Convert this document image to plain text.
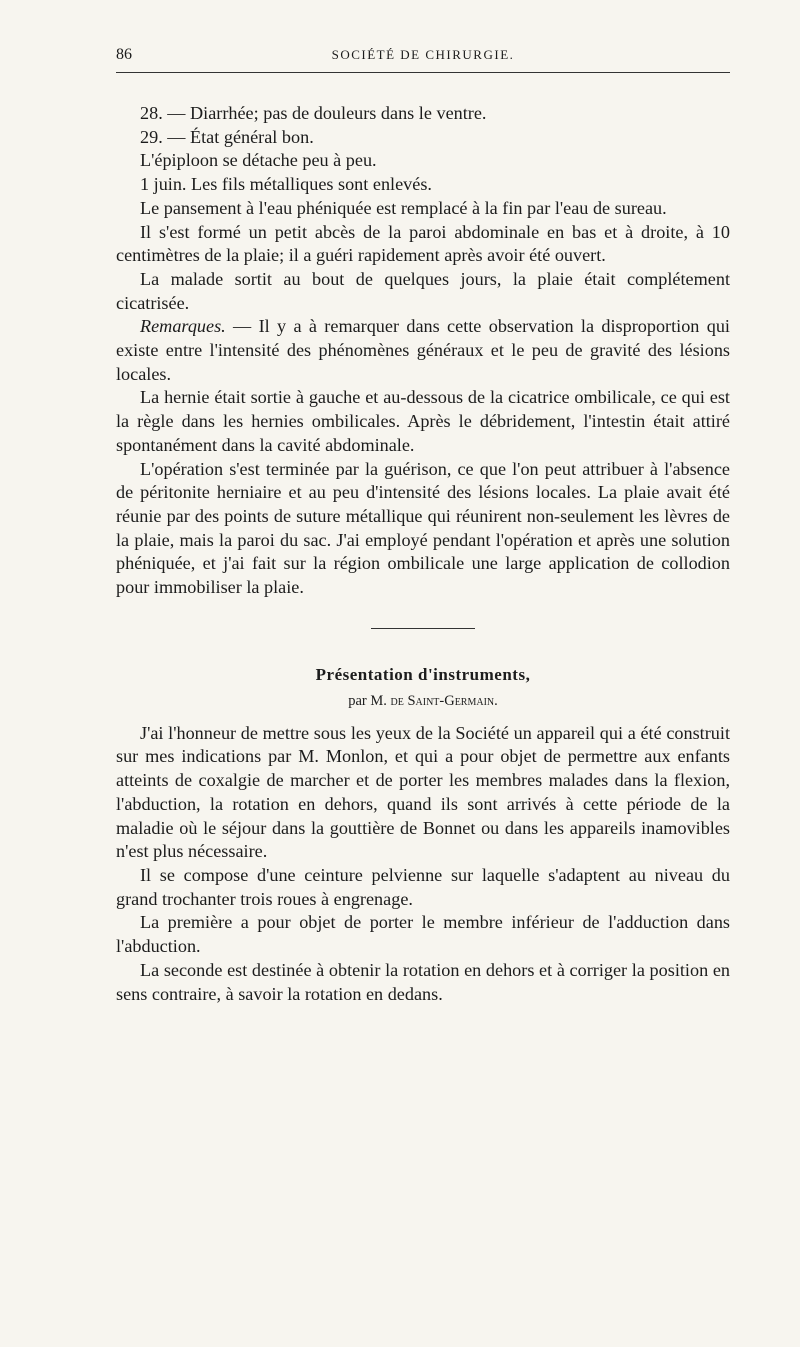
86	SOCIÉTÉ DE CHIRURGIE.

28. — Diarrhée; pas de douleurs dans le ventre.

29. — État général bon.

L'épiploon se détache peu à peu.

1 juin. Les fils métalliques sont enlevés.

Le pansement à l'eau phéniquée est remplacé à la fin par l'eau de sureau.

Il s'est formé un petit abcès de la paroi abdominale en bas et à droite, à 10 centimètres de la plaie; il a guéri rapidement après avoir été ouvert.

La malade sortit au bout de quelques jours, la plaie était complétement cicatrisée.

Remarques. — Il y a à remarquer dans cette observation la disproportion qui existe entre l'intensité des phénomènes généraux et le peu de gravité des lésions locales.

La hernie était sortie à gauche et au-dessous de la cicatrice ombilicale, ce qui est la règle dans les hernies ombilicales. Après le débridement, l'intestin était attiré spontanément dans la cavité abdominale.

L'opération s'est terminée par la guérison, ce que l'on peut attribuer à l'absence de péritonite herniaire et au peu d'intensité des lésions locales. La plaie avait été réunie par des points de suture métallique qui réunirent non-seulement les lèvres de la plaie, mais la paroi du sac. J'ai employé pendant l'opération et après une solution phéniquée, et j'ai fait sur la région ombilicale une large application de collodion pour immobiliser la plaie.

Présentation d'instruments,
par M. de Saint-Germain.

J'ai l'honneur de mettre sous les yeux de la Société un appareil qui a été construit sur mes indications par M. Monlon, et qui a pour objet de permettre aux enfants atteints de coxalgie de marcher et de porter les membres malades dans la flexion, l'abduction, la rotation en dehors, quand ils sont arrivés à cette période de la maladie où le séjour dans la gouttière de Bonnet ou dans les appareils inamovibles n'est plus nécessaire.

Il se compose d'une ceinture pelvienne sur laquelle s'adaptent au niveau du grand trochanter trois roues à engrenage.

La première a pour objet de porter le membre inférieur de l'adduction dans l'abduction.

La seconde est destinée à obtenir la rotation en dehors et à corriger la position en sens contraire, à savoir la rotation en dedans.
